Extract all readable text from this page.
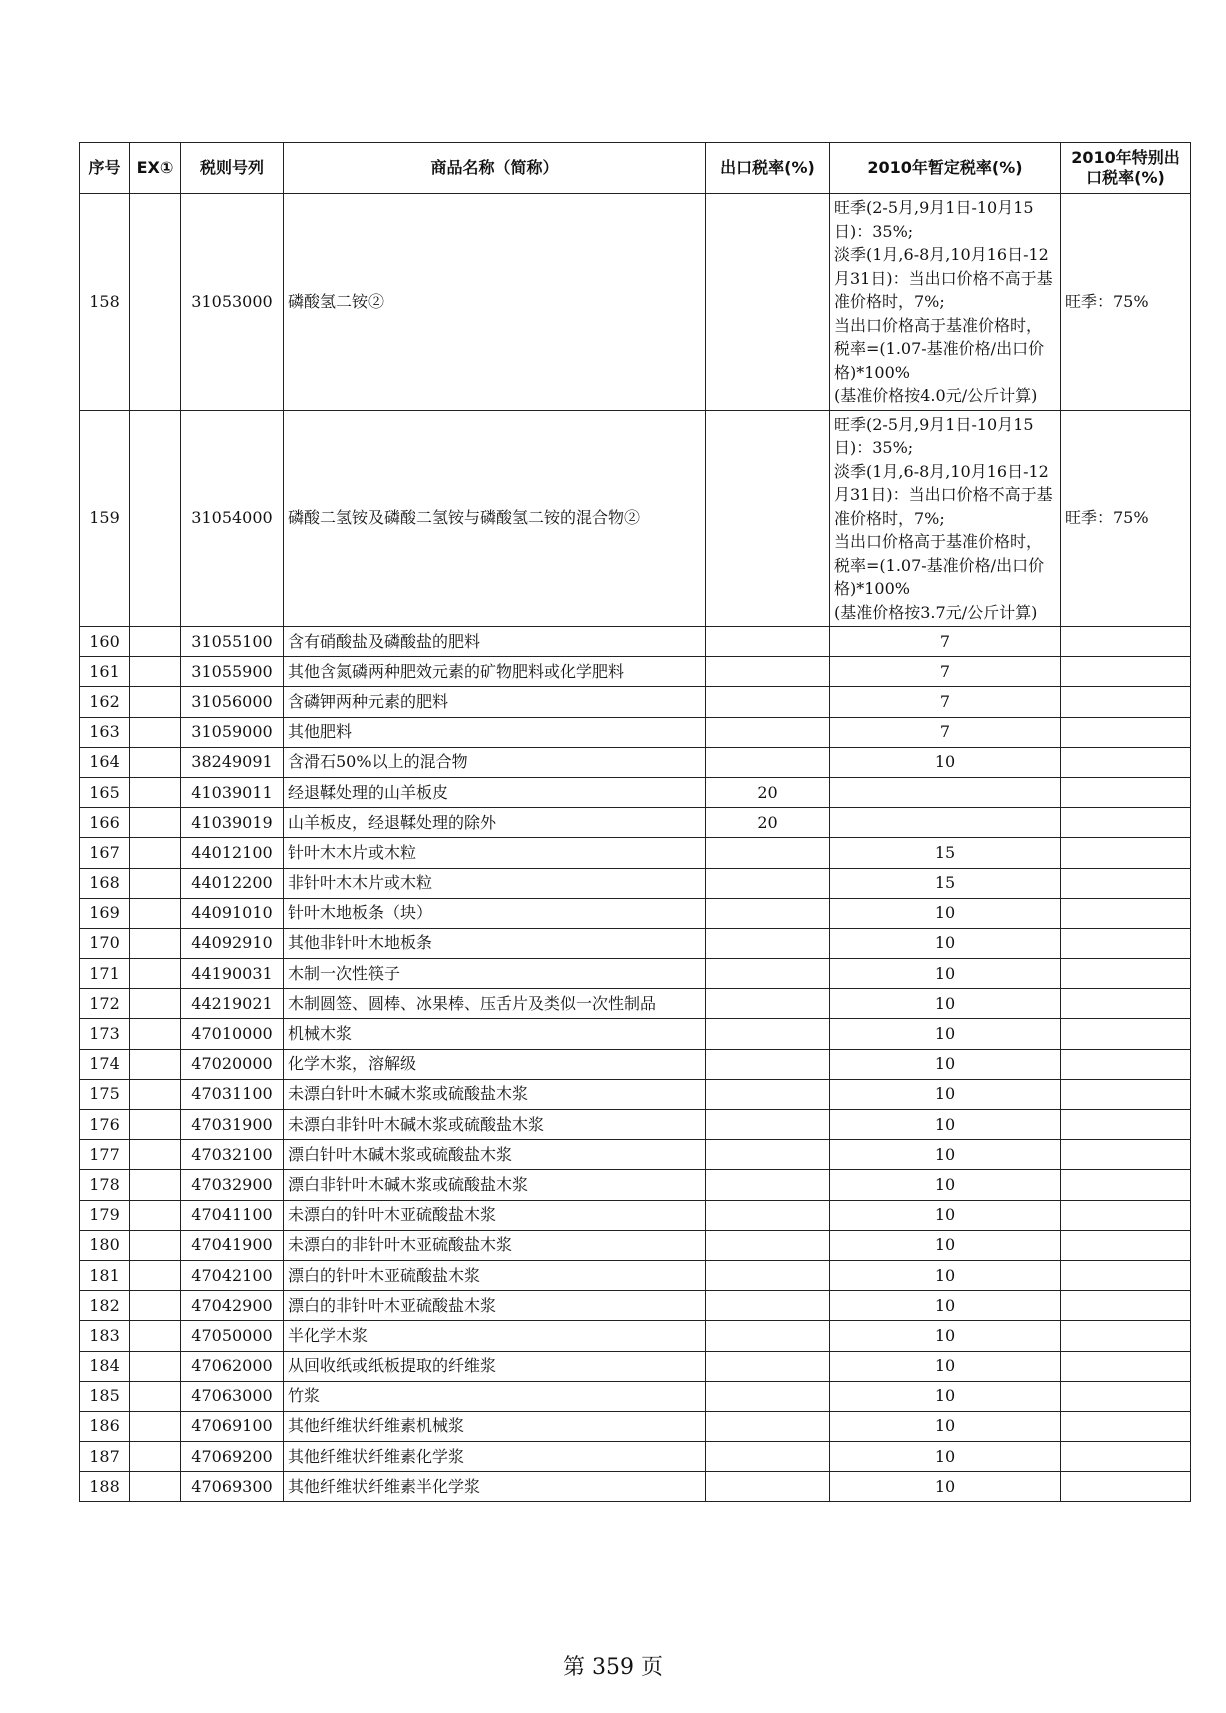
序号	EX①	税则号列	商品名称（简称）	出口税率(%)	2010年暂定税率(%)	2010年特别出口税率(%)
158		31053000	磷酸氢二铵②		旺季(2-5月,9月1日-10月15日)：35%;
淡季(1月,6-8月,10月16日-12月31日)：当出口价格不高于基准价格时，7%;
当出口价格高于基准价格时，税率=(1.07-基准价格/出口价格)*100%
(基准价格按4.0元/公斤计算)	旺季：75%
159		31054000	磷酸二氢铵及磷酸二氢铵与磷酸氢二铵的混合物②		旺季(2-5月,9月1日-10月15日)：35%;
淡季(1月,6-8月,10月16日-12月31日)：当出口价格不高于基准价格时，7%;
当出口价格高于基准价格时，税率=(1.07-基准价格/出口价格)*100%
(基准价格按3.7元/公斤计算)	旺季：75%
160		31055100	含有硝酸盐及磷酸盐的肥料		7	
161		31055900	其他含氮磷两种肥效元素的矿物肥料或化学肥料		7	
162		31056000	含磷钾两种元素的肥料		7	
163		31059000	其他肥料		7	
164		38249091	含滑石50%以上的混合物		10	
165		41039011	经退鞣处理的山羊板皮	20		
166		41039019	山羊板皮，经退鞣处理的除外	20		
167		44012100	针叶木木片或木粒		15	
168		44012200	非针叶木木片或木粒		15	
169		44091010	针叶木地板条（块）		10	
170		44092910	其他非针叶木地板条		10	
171		44190031	木制一次性筷子		10	
172		44219021	木制圆签、圆棒、冰果棒、压舌片及类似一次性制品		10	
173		47010000	机械木浆		10	
174		47020000	化学木浆，溶解级		10	
175		47031100	未漂白针叶木碱木浆或硫酸盐木浆		10	
176		47031900	未漂白非针叶木碱木浆或硫酸盐木浆		10	
177		47032100	漂白针叶木碱木浆或硫酸盐木浆		10	
178		47032900	漂白非针叶木碱木浆或硫酸盐木浆		10	
179		47041100	未漂白的针叶木亚硫酸盐木浆		10	
180		47041900	未漂白的非针叶木亚硫酸盐木浆		10	
181		47042100	漂白的针叶木亚硫酸盐木浆		10	
182		47042900	漂白的非针叶木亚硫酸盐木浆		10	
183		47050000	半化学木浆		10	
184		47062000	从回收纸或纸板提取的纤维浆		10	
185		47063000	竹浆		10	
186		47069100	其他纤维状纤维素机械浆		10	
187		47069200	其他纤维状纤维素化学浆		10	
188		47069300	其他纤维状纤维素半化学浆		10	
第 359 页
